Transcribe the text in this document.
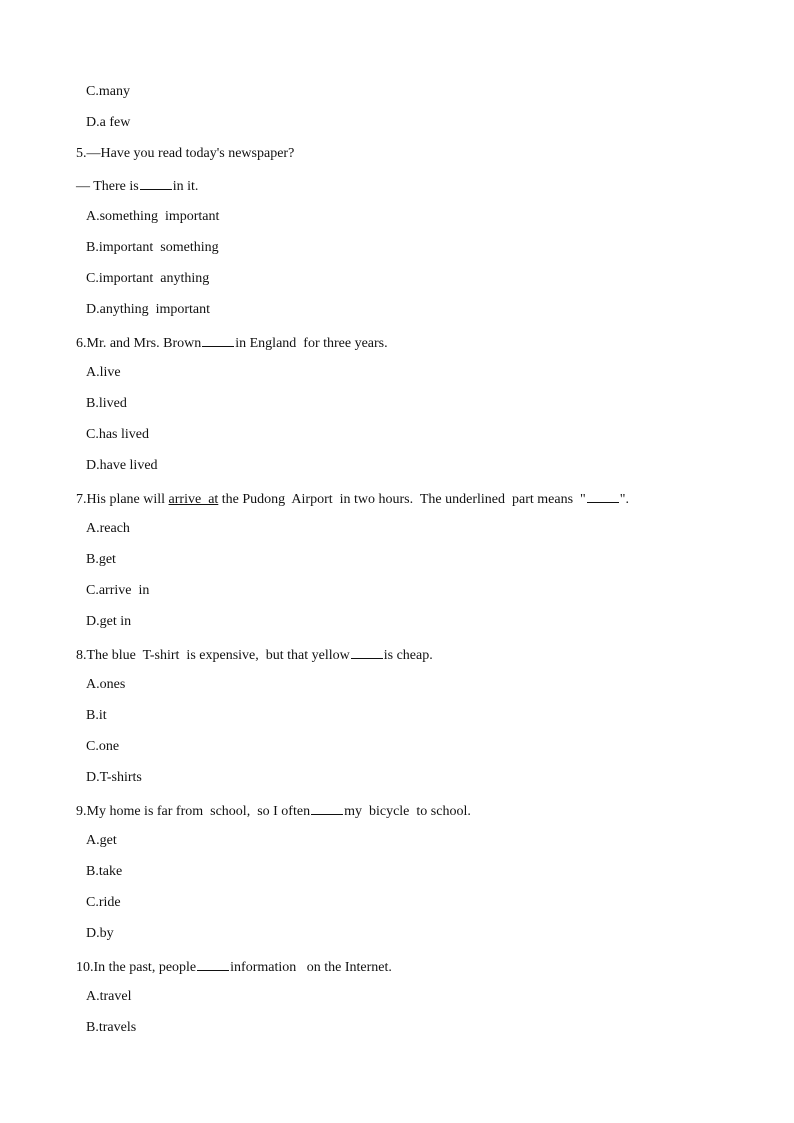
C.many
D.a few
5.—Have you read today's newspaper?
— There is in it.
A.something  important
B.important  something
C.important  anything
D.anything  important
6.Mr. and Mrs. Brown in England  for three years.
A.live
B.lived
C.has lived
D.have lived
7.His plane will arrive  at the Pudong  Airport  in two hours.  The underlined  part means  " ".
A.reach
B.get
C.arrive  in
D.get in
8.The blue  T-shirt  is expensive,  but that yellow is cheap.
A.ones
B.it
C.one
D.T-shirts
9.My home is far from  school,  so I often my  bicycle  to school.
A.get
B.take
C.ride
D.by
10.In the past, people information   on the Internet.
A.travel
B.travels
